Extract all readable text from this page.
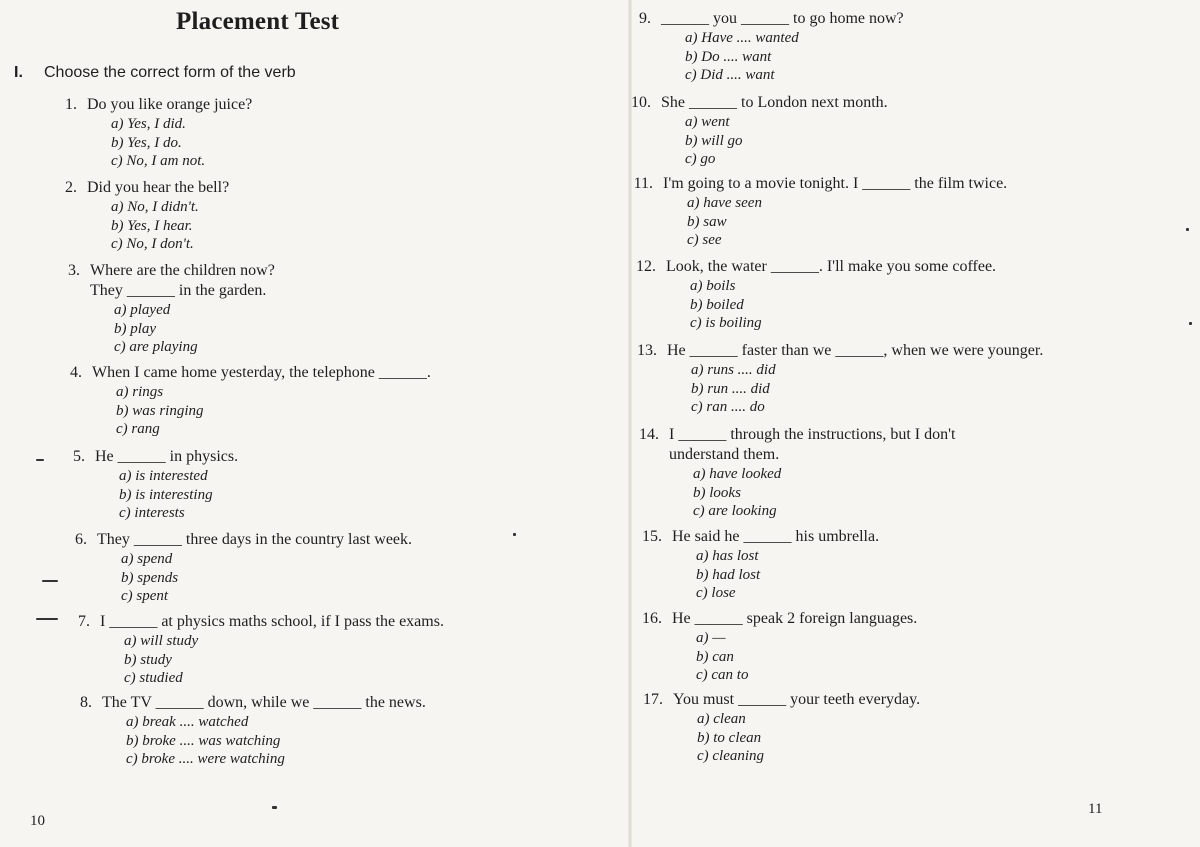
Placement Test
I. Choose the correct form of the verb
1. Do you like orange juice?
a) Yes, I did.
b) Yes, I do.
c) No, I am not.
2. Did you hear the bell?
a) No, I didn't.
b) Yes, I hear.
c) No, I don't.
3. Where are the children now?
They ______ in the garden.
a) played
b) play
c) are playing
4. When I came home yesterday, the telephone ______.
a) rings
b) was ringing
c) rang
5. He ______ in physics.
a) is interested
b) is interesting
c) interests
6. They ______ three days in the country last week.
a) spend
b) spends
c) spent
7. I ______ at physics maths school, if I pass the exams.
a) will study
b) study
c) studied
8. The TV ______ down, while we ______ the news.
a) break .... watched
b) broke .... was watching
c) broke .... were watching
10
9. ______ you ______ to go home now?
a) Have .... wanted
b) Do .... want
c) Did .... want
10. She ______ to London next month.
a) went
b) will go
c) go
11. I'm going to a movie tonight. I ______ the film twice.
a) have seen
b) saw
c) see
12. Look, the water ______. I'll make you some coffee.
a) boils
b) boiled
c) is boiling
13. He ______ faster than we ______, when we were younger.
a) runs .... did
b) run .... did
c) ran .... do
14. I ______ through the instructions, but I don't
understand them.
a) have looked
b) looks
c) are looking
15. He said he ______ his umbrella.
a) has lost
b) had lost
c) lose
16. He ______ speak 2 foreign languages.
a) —
b) can
c) can to
17. You must ______ your teeth everyday.
a) clean
b) to clean
c) cleaning
11
